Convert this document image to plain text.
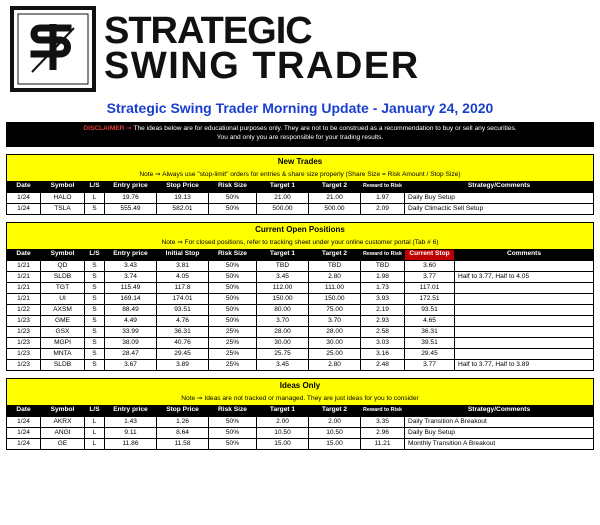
STRATEGIC
SWING TRADER
Strategic Swing Trader Morning Update - January 24, 2020
DISCLAIMER ⇒ The ideas below are for educational purposes only. They are not to be construed as a recommendation to buy or sell any securities.
You and only you are responsible for your trading results.
New Trades
Note ⇒ Always use "stop-limit" orders for entries & share size properly (Share Size = Risk Amount / Stop Size)
Date	Symbol	L/S	Entry price	Stop Price	Risk Size	Target 1	Target 2	Reward to Risk	Strategy/Comments
1/24	HALO	L	19.76	19.13	50%	21.00	21.00	1.97	Daily Buy Setup
1/24	TSLA	S	555.49	582.01	50%	500.00	500.00	2.09	Daily Climactic Sell Setup
Current Open Positions
Note ⇒ For closed positions, refer to tracking sheet under your online customer portal (Tab # 6)
Date	Symbol	L/S	Entry price	Initial Stop	Risk Size	Target 1	Target 2	Reward to Risk	Current Stop	Comments
1/21	QD	S	3.43	3.81	50%	TBD	TBD	TBD	3.60	
1/21	SLDB	S	3.74	4.05	50%	3.45	2.80	1.98	3.77	Half to 3.77, Half to 4.05
1/21	TGT	S	115.49	117.8	50%	112.00	111.00	1.73	117.01	
1/21	UI	S	169.14	174.01	50%	150.00	150.00	3.93	172.51	
1/22	AXSM	S	88.49	93.51	50%	80.00	75.00	2.19	93.51	
1/23	GME	S	4.49	4.76	50%	3.70	3.70	2.93	4.65	
1/23	GSX	S	33.99	36.31	25%	28.00	28.00	2.58	36.31	
1/23	MGPI	S	38.09	40.76	25%	30.00	30.00	3.03	39.51	
1/23	MNTA	S	28.47	29.45	25%	25.75	25.00	3.16	29.45	
1/23	SLDB	S	3.67	3.89	25%	3.45	2.80	2.48	3.77	Half to 3.77, Half to 3.89
Ideas Only
Note ⇒ Ideas are not tracked or managed. They are just ideas for you to consider
Date	Symbol	L/S	Entry price	Stop Price	Risk Size	Target 1	Target 2	Reward to Risk	Strategy/Comments
1/24	AKRX	L	1.43	1.26	50%	2.00	2.00	3.35	Daily Transition A Breakout
1/24	ANGI	L	9.11	8.64	50%	10.50	10.50	2.96	Daily Buy Setup
1/24	GE	L	11.86	11.58	50%	15.00	15.00	11.21	Monthly Transition A Breakout
